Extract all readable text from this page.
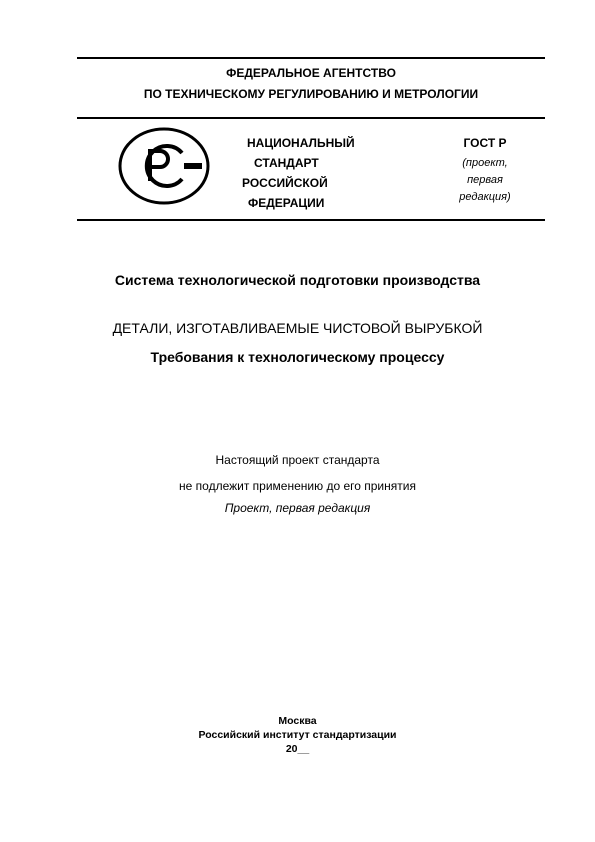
ФЕДЕРАЛЬНОЕ АГЕНТСТВО
ПО ТЕХНИЧЕСКОМУ РЕГУЛИРОВАНИЮ И МЕТРОЛОГИИ
PC
НАЦИОНАЛЬНЫЙ
СТАНДАРТ
РОССИЙСКОЙ
ФЕДЕРАЦИИ
ГОСТ Р
(проект,
первая
редакция)
Система технологической подготовки производства
ДЕТАЛИ, ИЗГОТАВЛИВАЕМЫЕ ЧИСТОВОЙ ВЫРУБКОЙ
Требования к технологическому процессу
Настоящий проект стандарта
не подлежит применению до его принятия
Проект, первая редакция
Москва
Российский институт стандартизации
20__
